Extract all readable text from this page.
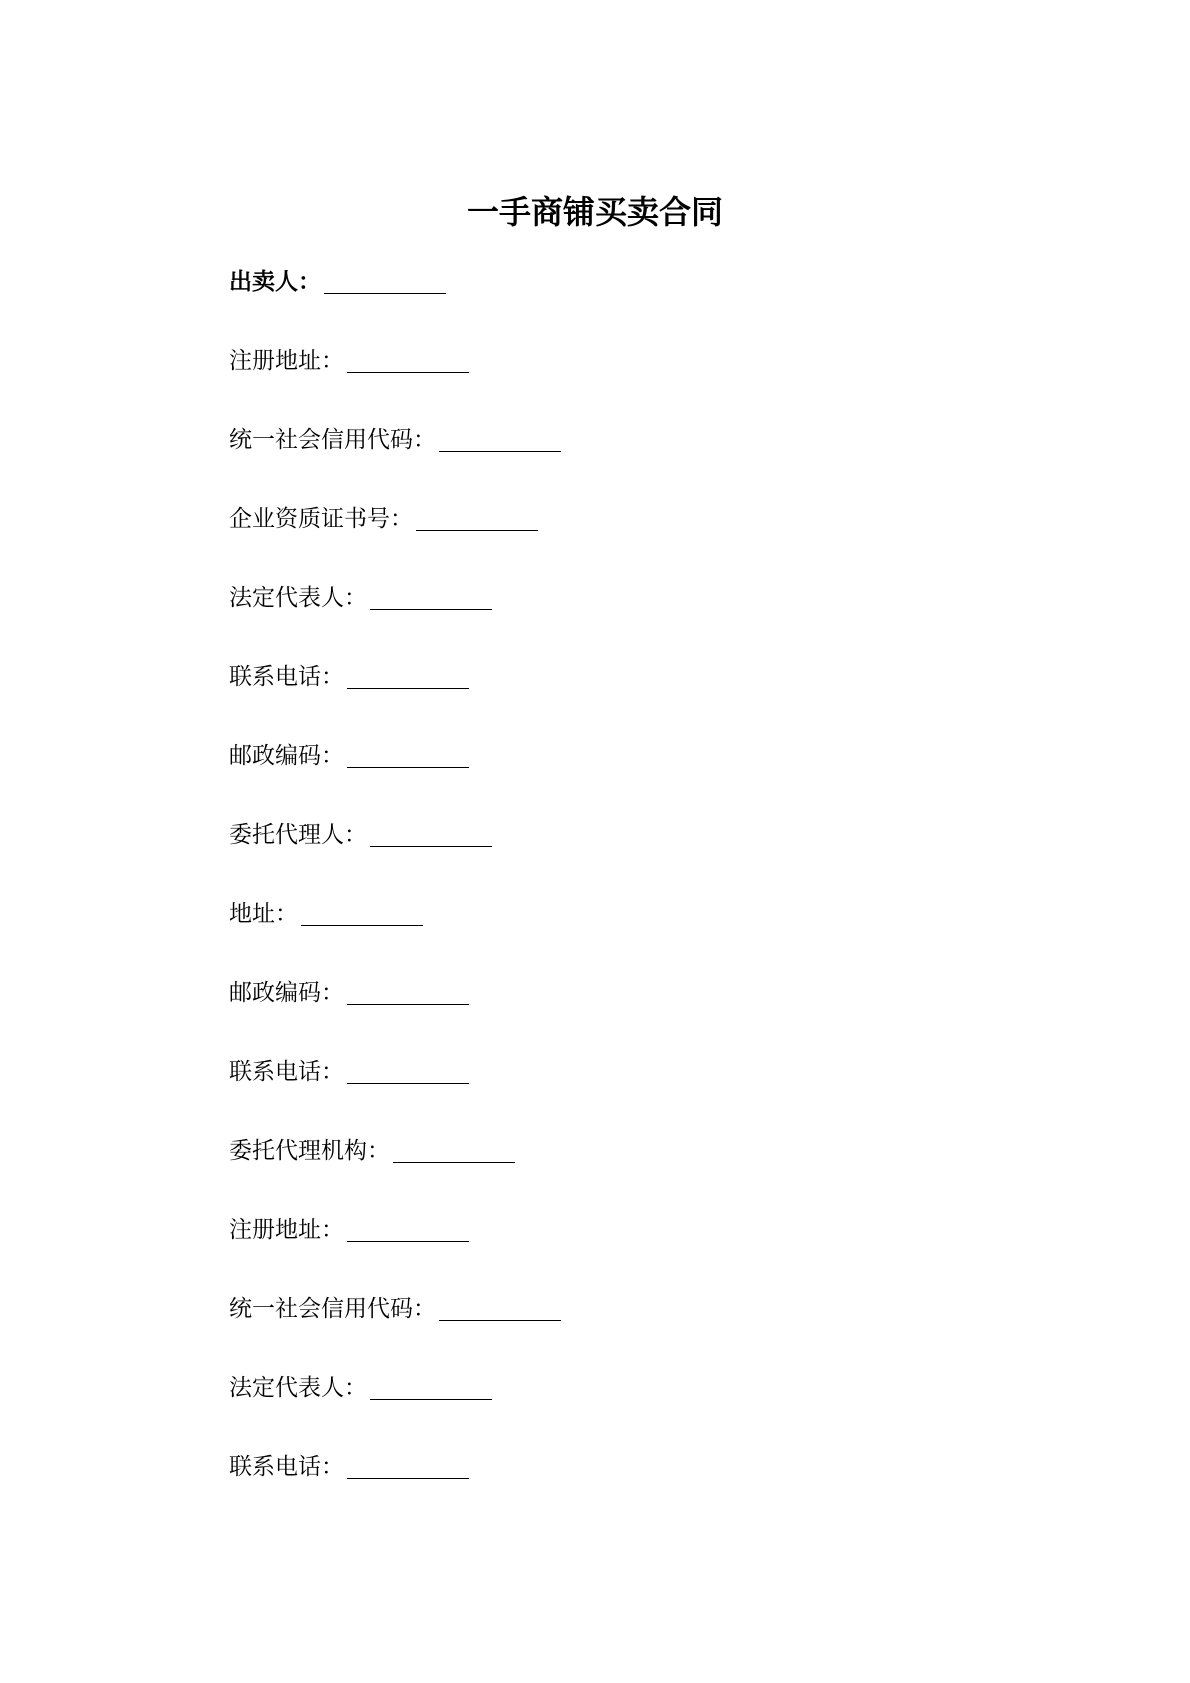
一手商铺买卖合同
出卖人：
注册地址：
统一社会信用代码：
企业资质证书号：
法定代表人：
联系电话：
邮政编码：
委托代理人：
地址：
邮政编码：
联系电话：
委托代理机构：
注册地址：
统一社会信用代码：
法定代表人：
联系电话：
